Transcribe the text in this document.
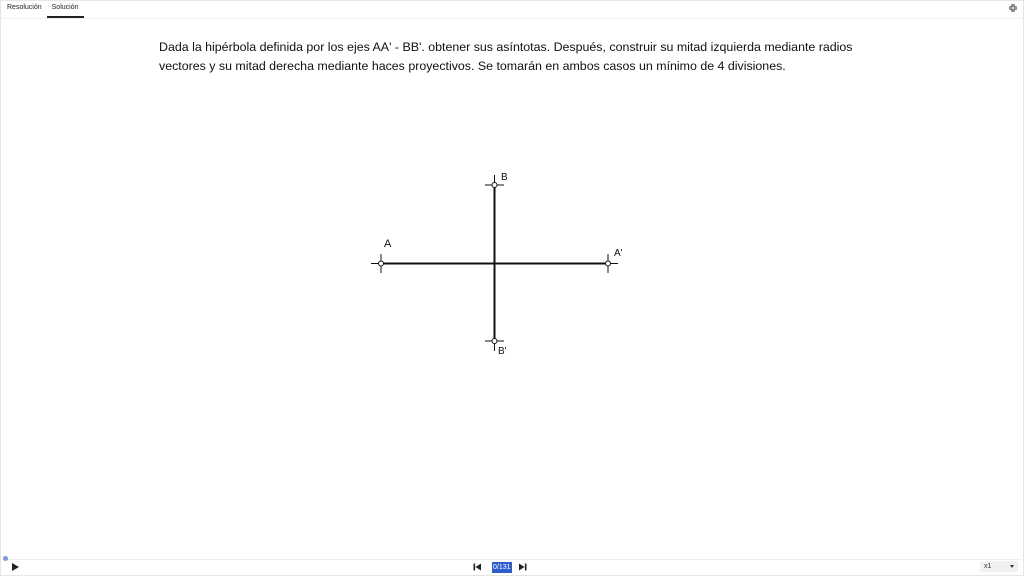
Resolución	Solución
Dada la hipérbola definida por los ejes AA' - BB'. obtener sus asíntotas. Después, construir su mitad izquierda mediante radios vectores y su mitad derecha mediante haces proyectivos. Se tomarán en ambos casos un mínimo de 4 divisiones.
A
A'
B
B'
0/131	x1
